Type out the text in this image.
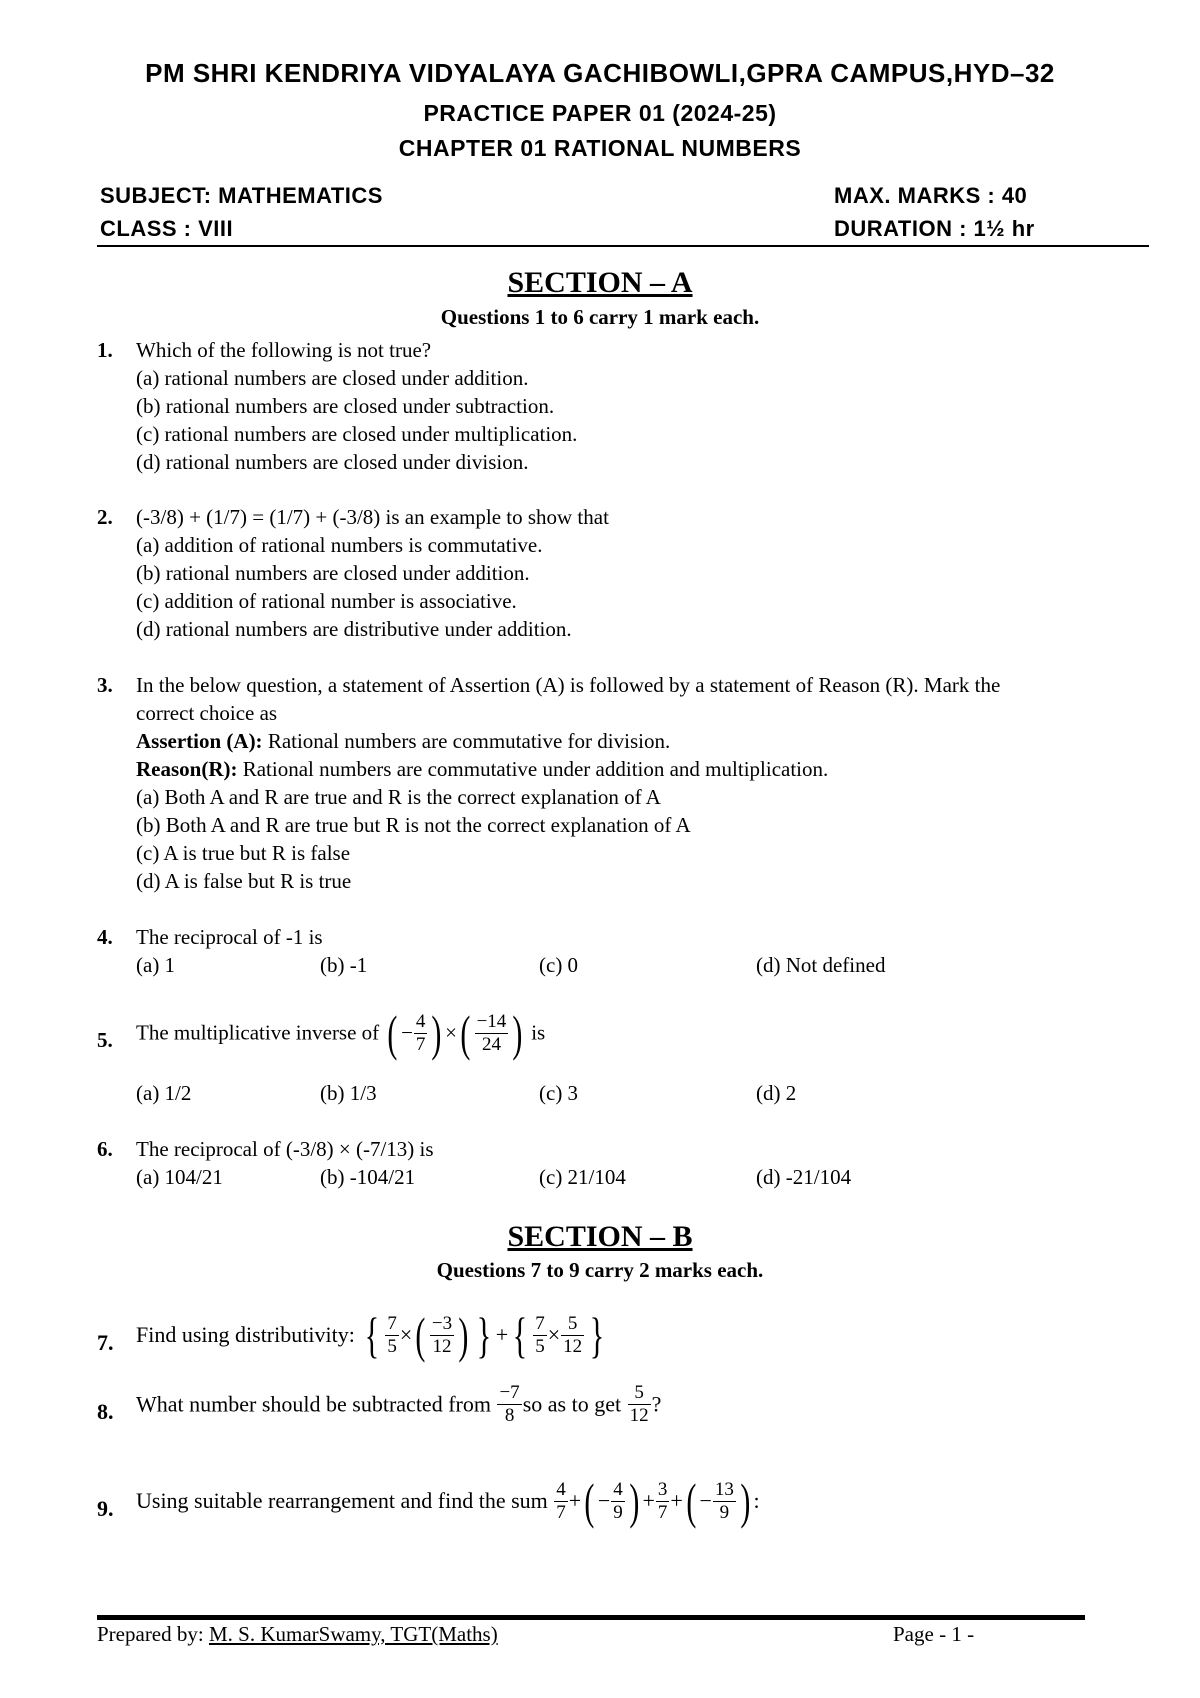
PM SHRI KENDRIYA VIDYALAYA GACHIBOWLI,GPRA CAMPUS,HYD–32
PRACTICE PAPER 01 (2024-25)
CHAPTER 01 RATIONAL NUMBERS
SUBJECT: MATHEMATICS	MAX. MARKS : 40
CLASS : VIII	DURATION : 1½ hr
SECTION – A
Questions 1 to 6 carry 1 mark each.
1. Which of the following is not true?
(a) rational numbers are closed under addition.
(b) rational numbers are closed under subtraction.
(c) rational numbers are closed under multiplication.
(d) rational numbers are closed under division.
2. (-3/8) + (1/7) = (1/7) + (-3/8) is an example to show that
(a) addition of rational numbers is commutative.
(b) rational numbers are closed under addition.
(c) addition of rational number is associative.
(d) rational numbers are distributive under addition.
3. In the below question, a statement of Assertion (A) is followed by a statement of Reason (R). Mark the
correct choice as
Assertion (A): Rational numbers are commutative for division.
Reason(R): Rational numbers are commutative under addition and multiplication.
(a) Both A and R are true and R is the correct explanation of A
(b) Both A and R are true but R is not the correct explanation of A
(c) A is true but R is false
(d) A is false but R is true
4. The reciprocal of -1 is
(a) 1	(b) -1	(c) 0	(d) Not defined
5. The multiplicative inverse of ( − $\frac{4}{7}$ ) ×( $\frac{-14}{24}$ ) is
(a) 1/2	(b) 1/3	(c) 3	(d) 2
6. The reciprocal of (-3/8) × (-7/13) is
(a) 104/21	(b) -104/21	(c) 21/104	(d) -21/104
SECTION – B
Questions 7 to 9 carry 2 marks each.
7. Find using distributivity: { $\frac{7}{5}$ ×( $\frac{-3}{12}$ ) } +{ $\frac{7}{5} \times \frac{5}{12}$ }
8. What number should be subtracted from $\frac{-7}{8}$ so as to get $\frac{5}{12}$ ?
9. Using suitable rearrangement and find the sum $\frac{4}{7}$ +( − $\frac{4}{9}$ ) + $\frac{3}{7}$ +( − $\frac{13}{9}$ ) :
Prepared by: M. S. KumarSwamy, TGT(Maths)	Page - 1 -
